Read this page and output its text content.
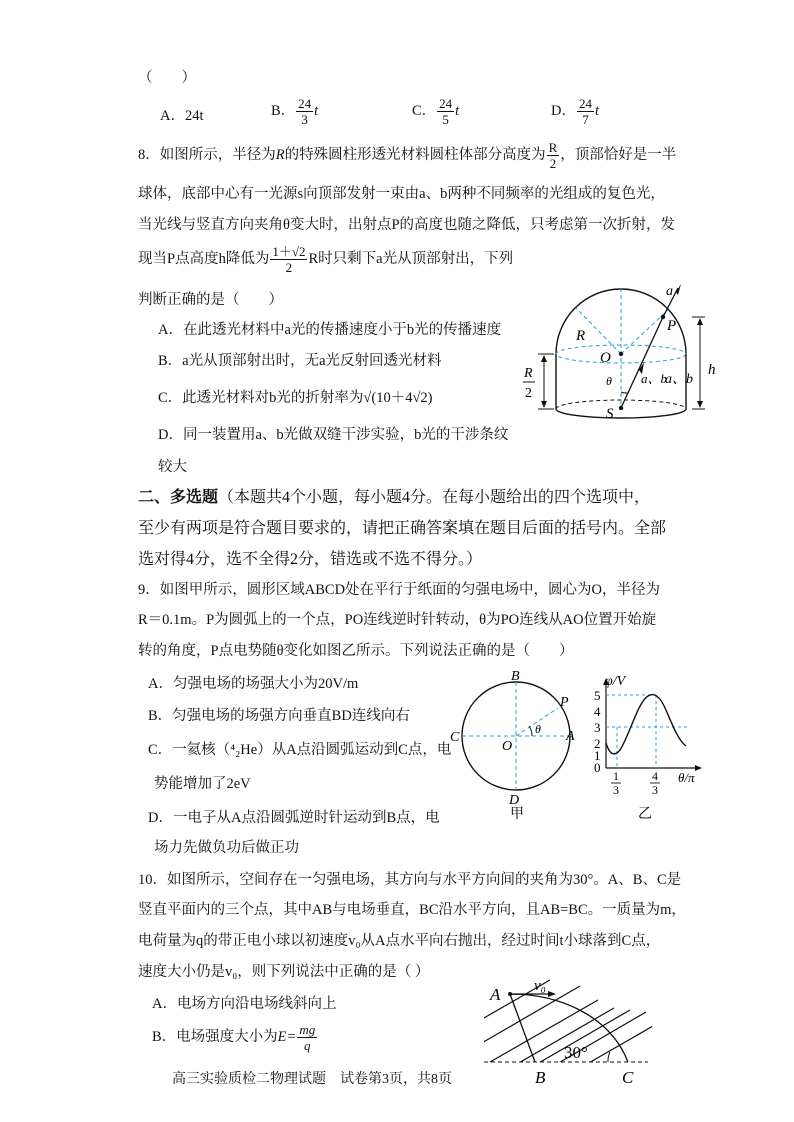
（　　）
A．24t	B． $\frac{24}{3}$ t	C． $\frac{24}{5}$ t	D． $\frac{24}{7}$ t
8．如图所示，半径为R的特殊圆柱形透光材料圆柱体部分高度为 $\frac{R}{2}$ ，顶部恰好是一半
球体，底部中心有一光源s向顶部发射一束由a、b两种不同频率的光组成的复色光，
当光线与竖直方向夹角θ变大时，出射点P的高度也随之降低，只考虑第一次折射，发
现当P点高度h降低为 $\frac{1+√2}{2}$ R时只剩下a光从顶部射出，下列
判断正确的是（　　）
A．在此透光材料中a光的传播速度小于b光的传播速度
B．a光从顶部射出时，无a光反射回透光材料
C．此透光材料对b光的折射率为√(10＋4√2)
D．同一装置用a、b光做双缝干涉实验，b光的干涉条纹
较大
a
P
R
O
h
θ a、b
a、b
S
R
2
二、多选题（本题共4个小题，每小题4分。在每小题给出的四个选项中，
至少有两项是符合题目要求的，请把正确答案填在题目后面的括号内。全部
选对得4分，选不全得2分，错选或不选不得分。）
9．如图甲所示，圆形区域ABCD处在平行于纸面的匀强电场中，圆心为O，半径为
R＝0.1m。P为圆弧上的一个点，PO连线逆时针转动，θ为PO连线从AO位置开始旋
转的角度，P点电势随θ变化如图乙所示。下列说法正确的是（　　）
A．匀强电场的场强大小为20V/m
B．匀强电场的场强方向垂直BD连线向右
C．一氦核（⁴₂He）从A点沿圆弧运动到C点，电
势能增加了2eV
D．一电子从A点沿圆弧逆时针运动到B点，电
场力先做负功后做正功
B
C
O
A
D
P
θ
甲
φ/V
5
4
3
2
1
0
1
3
4
3
θ/π
乙
10．如图所示，空间存在一匀强电场，其方向与水平方向间的夹角为30°。A、B、C是
竖直平面内的三个点，其中AB与电场垂直，BC沿水平方向，且AB=BC。一质量为m，
电荷量为q的带正电小球以初速度v₀从A点水平向右抛出，经过时间t小球落到C点，
速度大小仍是v₀，则下列说法中正确的是（ ）
A．电场方向沿电场线斜向上
B．电场强度大小为$E= \frac{mg}{q}$
A v₀
30°
B	C
高三实验质检二物理试题　试卷第3页，共8页
